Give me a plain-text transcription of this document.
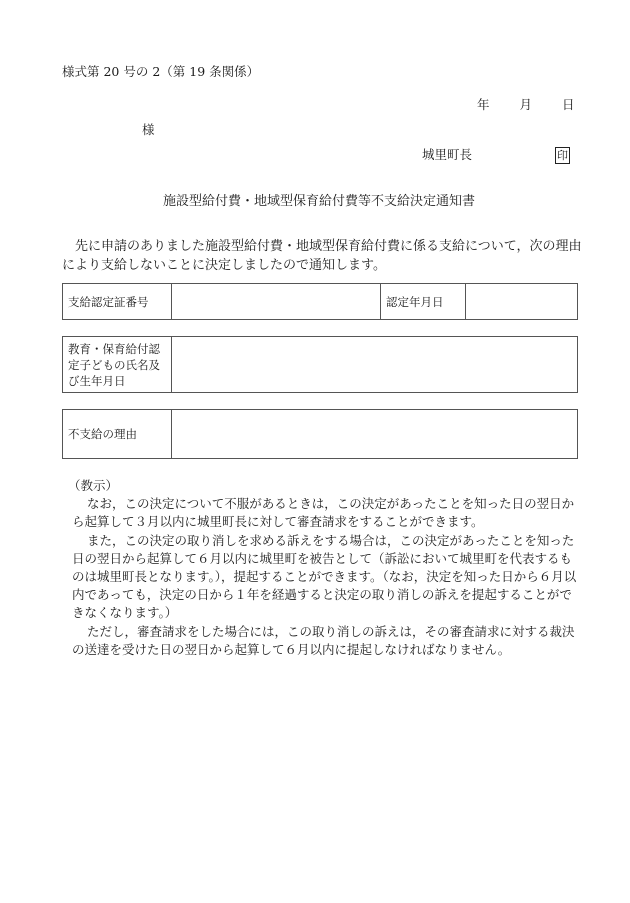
様式第 20 号の 2（第 19 条関係）
年 月 日
様
城里町長	印
施設型給付費・地域型保育給付費等不支給決定通知書

先に申請のありました施設型給付費・地域型保育給付費に係る支給について，次の理由により支給しないことに決定しましたので通知します。

支給認定証番号		認定年月日	
教育・保育給付認
定子どもの氏名及
び生年月日

不支給の理由	
（教示）

なお，この決定について不服があるときは，この決定があったことを知った日の翌日から起算して３月以内に城里町長に対して審査請求をすることができます。

また，この決定の取り消しを求める訴えをする場合は，この決定があったことを知った日の翌日から起算して６月以内に城里町を被告として（訴訟において城里町を代表するものは城里町長となります。），提起することができます。（なお，決定を知った日から６月以内であっても，決定の日から１年を経過すると決定の取り消しの訴えを提起することができなくなります。）

ただし，審査請求をした場合には，この取り消しの訴えは，その審査請求に対する裁決の送達を受けた日の翌日から起算して６月以内に提起しなければなりません。
